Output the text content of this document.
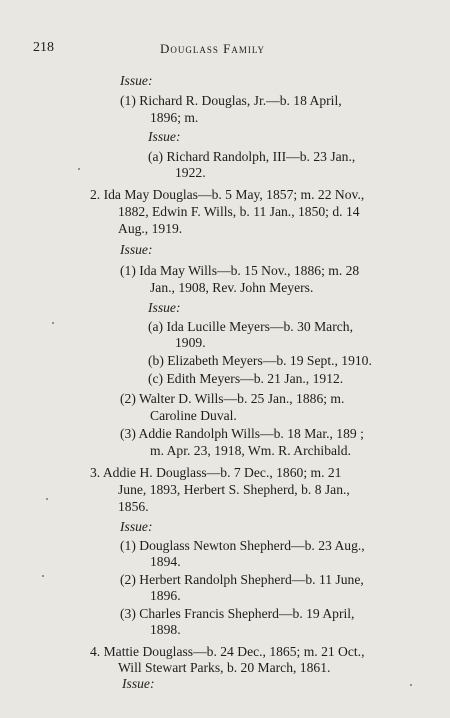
218	Douglass Family
Issue:
(1) Richard R. Douglas, Jr.—b. 18 April,
1896; m.
Issue:
(a) Richard Randolph, III—b. 23 Jan.,
1922.
2. Ida May Douglas—b. 5 May, 1857; m. 22 Nov.,
1882, Edwin F. Wills, b. 11 Jan., 1850; d. 14
Aug., 1919.
Issue:
(1) Ida May Wills—b. 15 Nov., 1886; m. 28
Jan., 1908, Rev. John Meyers.
Issue:
(a) Ida Lucille Meyers—b. 30 March,
1909.
(b) Elizabeth Meyers—b. 19 Sept., 1910.
(c) Edith Meyers—b. 21 Jan., 1912.
(2) Walter D. Wills—b. 25 Jan., 1886; m.
Caroline Duval.
(3) Addie Randolph Wills—b. 18 Mar., 189 ;
m. Apr. 23, 1918, Wm. R. Archibald.
3. Addie H. Douglass—b. 7 Dec., 1860; m. 21
June, 1893, Herbert S. Shepherd, b. 8 Jan.,
1856.
Issue:
(1) Douglass Newton Shepherd—b. 23 Aug.,
1894.
(2) Herbert Randolph Shepherd—b. 11 June,
1896.
(3) Charles Francis Shepherd—b. 19 April,
1898.
4. Mattie Douglass—b. 24 Dec., 1865; m. 21 Oct.,
Will Stewart Parks, b. 20 March, 1861.
Issue:
